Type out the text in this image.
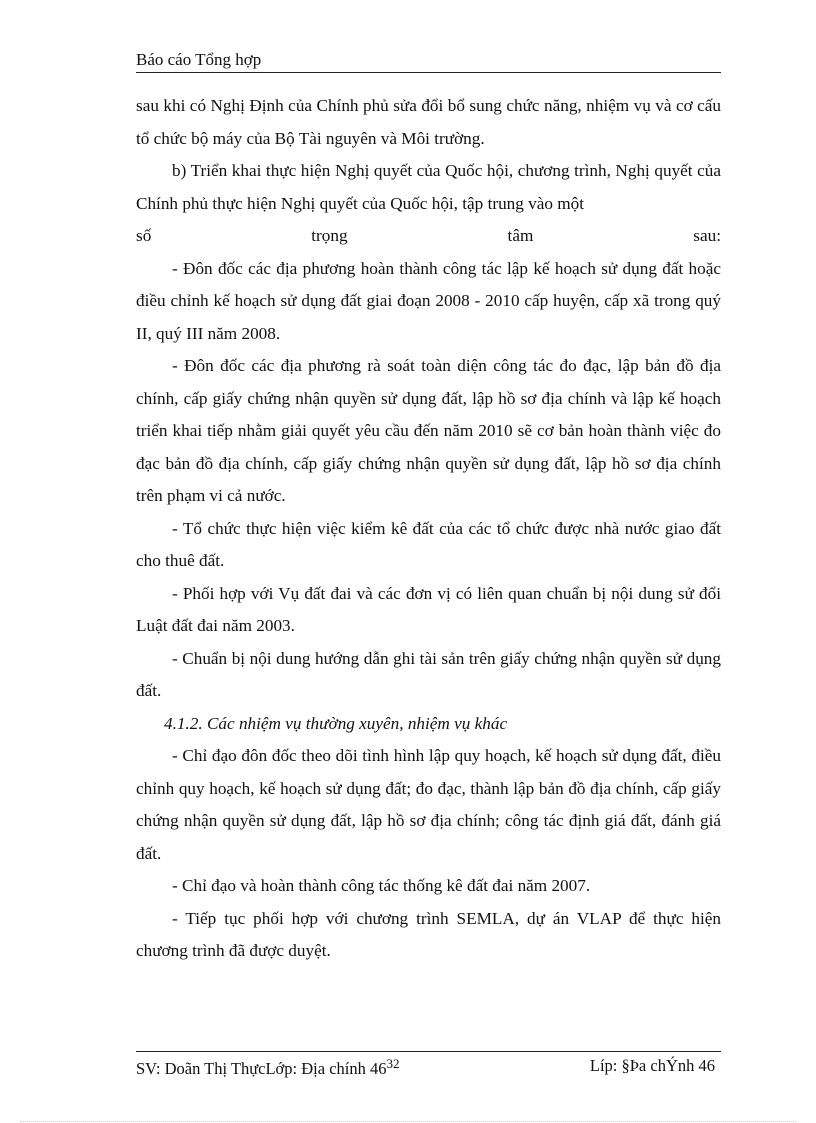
Báo cáo Tổng hợp

sau khi có Nghị Định của Chính phủ sửa đổi bổ sung chức năng, nhiệm vụ và cơ cấu tổ chức bộ máy của Bộ Tài nguyên và Môi trường.

b) Triển khai thực hiện Nghị quyết của Quốc hội, chương trình, Nghị quyết của Chính phủ thực hiện Nghị quyết của Quốc hội, tập trung vào một

số trọng tâm sau:

- Đôn đốc các địa phương hoàn thành công tác lập kế hoạch sử dụng đất hoặc điều chỉnh kế hoạch sử dụng đất giai đoạn 2008 - 2010 cấp huyện, cấp xã trong quý II, quý III năm 2008.

- Đôn đốc các địa phương rà soát toàn diện công tác đo đạc, lập bản đồ địa chính, cấp giấy chứng nhận quyền sử dụng đất, lập hồ sơ địa chính và lập kế hoạch triển khai tiếp nhằm giải quyết yêu cầu đến năm 2010 sẽ cơ bản hoàn thành việc đo đạc bản đồ địa chính, cấp giấy chứng nhận quyền sử dụng đất, lập hồ sơ địa chính trên phạm vi cả nước.

- Tổ chức thực hiện việc kiểm kê đất của các tổ chức được nhà nước giao đất cho thuê đất.

- Phối hợp với Vụ đất đai và các đơn vị có liên quan chuẩn bị nội dung sử đổi Luật đất đai năm 2003.

- Chuẩn bị nội dung hướng dẫn ghi tài sản trên giấy chứng nhận quyền sử dụng đất.

4.1.2. Các nhiệm vụ thường xuyên, nhiệm vụ khác

- Chỉ đạo đôn đốc theo dõi tình hình lập quy hoạch, kế hoạch sử dụng đất, điều chỉnh quy hoạch, kế hoạch sử dụng đất; đo đạc, thành lập bản đồ địa chính, cấp giấy chứng nhận quyền sử dụng đất, lập hồ sơ địa chính; công tác định giá đất, đánh giá đất.

- Chỉ đạo và hoàn thành công tác thống kê đất đai năm 2007.

- Tiếp tục phối hợp với chương trình SEMLA, dự án VLAP để thực hiện chương trình đã được duyệt.

SV: Doãn Thị ThựcLớp: Địa chính $46^{32}$	Líp: §Þa chÝnh 46
